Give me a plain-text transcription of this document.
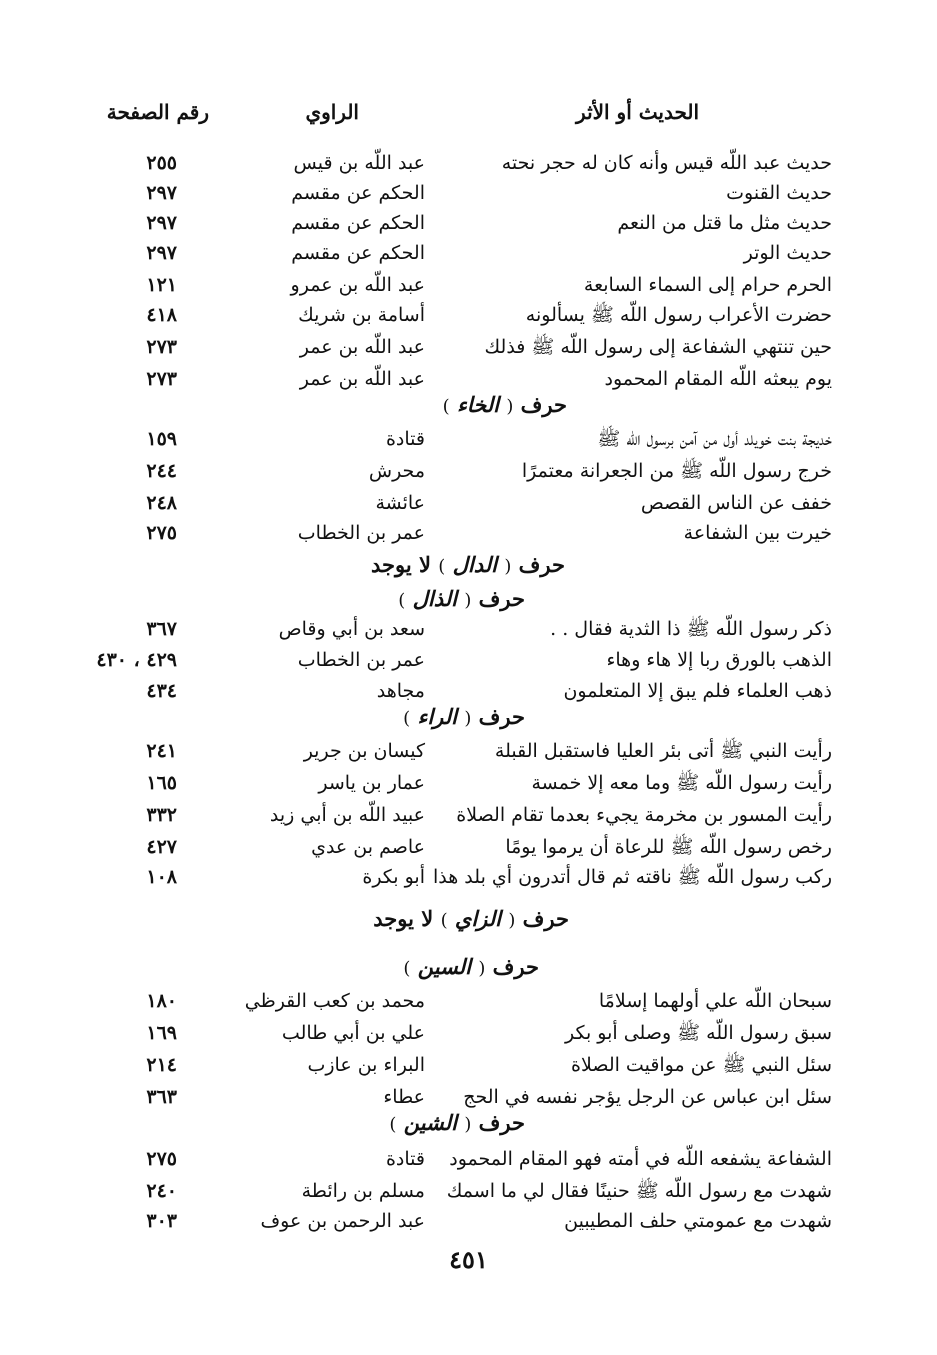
الحديث أو الأثر
الراوي
رقم الصفحة
حديث عبد اللّه قيس وأنه كان له حجر نحته
عبد اللّه بن قيس
٢٥٥
حديث القنوت
الحكم عن مقسم
٢٩٧
حديث مثل ما قتل من النعم
الحكم عن مقسم
٢٩٧
حديث الوتر
الحكم عن مقسم
٢٩٧
الحرم حرام إلى السماء السابعة
عبد اللّه بن عمرو
١٢١
حضرت الأعراب رسول اللّه ﷺ يسألونه
أسامة بن شريك
٤١٨
حين تنتهي الشفاعة إلى رسول اللّه ﷺ فذلك
عبد اللّه بن عمر
٢٧٣
يوم يبعثه اللّه المقام المحمود
عبد اللّه بن عمر
٢٧٣
حرف ( الخاء )
خديجة بنت خويلد أول من آمن برسول اللّه ﷺ
قتادة
١٥٩
خرج رسول اللّه ﷺ من الجعرانة معتمرًا
محرش
٢٤٤
خفف عن الناس القصص
عائشة
٢٤٨
خيرت بين الشفاعة
عمر بن الخطاب
٢٧٥
حرف ( الدال ) لا يوجد
حرف ( الذال )
ذكر رسول اللّه ﷺ ذا الثدية فقال . .
سعد بن أبي وقاص
٣٦٧
الذهب بالورق ربا إلا هاء وهاء
عمر بن الخطاب
٤٢٩ ، ٤٣٠
ذهب العلماء فلم يبق إلا المتعلمون
مجاهد
٤٣٤
حرف ( الراء )
رأيت النبي ﷺ أتى بئر العليا فاستقبل القبلة
كيسان بن جرير
٢٤١
رأيت رسول اللّه ﷺ وما معه إلا خمسة
عمار بن ياسر
١٦٥
رأيت المسور بن مخرمة يجيء بعدما تقام الصلاة
عبيد اللّه بن أبي زيد
٣٣٢
رخص رسول اللّه ﷺ للرعاة أن يرموا يومًا
عاصم بن عدي
٤٢٧
ركب رسول اللّه ﷺ ناقته ثم قال أتدرون أي بلد هذا
أبو بكرة
١٠٨
حرف ( الزاي ) لا يوجد
حرف ( السين )
سبحان اللّه علي أولهما إسلامًا
محمد بن كعب القرظي
١٨٠
سبق رسول اللّه ﷺ وصلى أبو بكر
علي بن أبي طالب
١٦٩
سئل النبي ﷺ عن مواقيت الصلاة
البراء بن عازب
٢١٤
سئل ابن عباس عن الرجل يؤجر نفسه في الحج
عطاء
٣٦٣
حرف ( الشين )
الشفاعة يشفعه اللّه في أمته فهو المقام المحمود
قتادة
٢٧٥
شهدت مع رسول اللّه ﷺ حنينًا فقال لي ما اسمك
مسلم بن رائطة
٢٤٠
شهدت مع عمومتي حلف المطيبين
عبد الرحمن بن عوف
٣٠٣
٤٥١
